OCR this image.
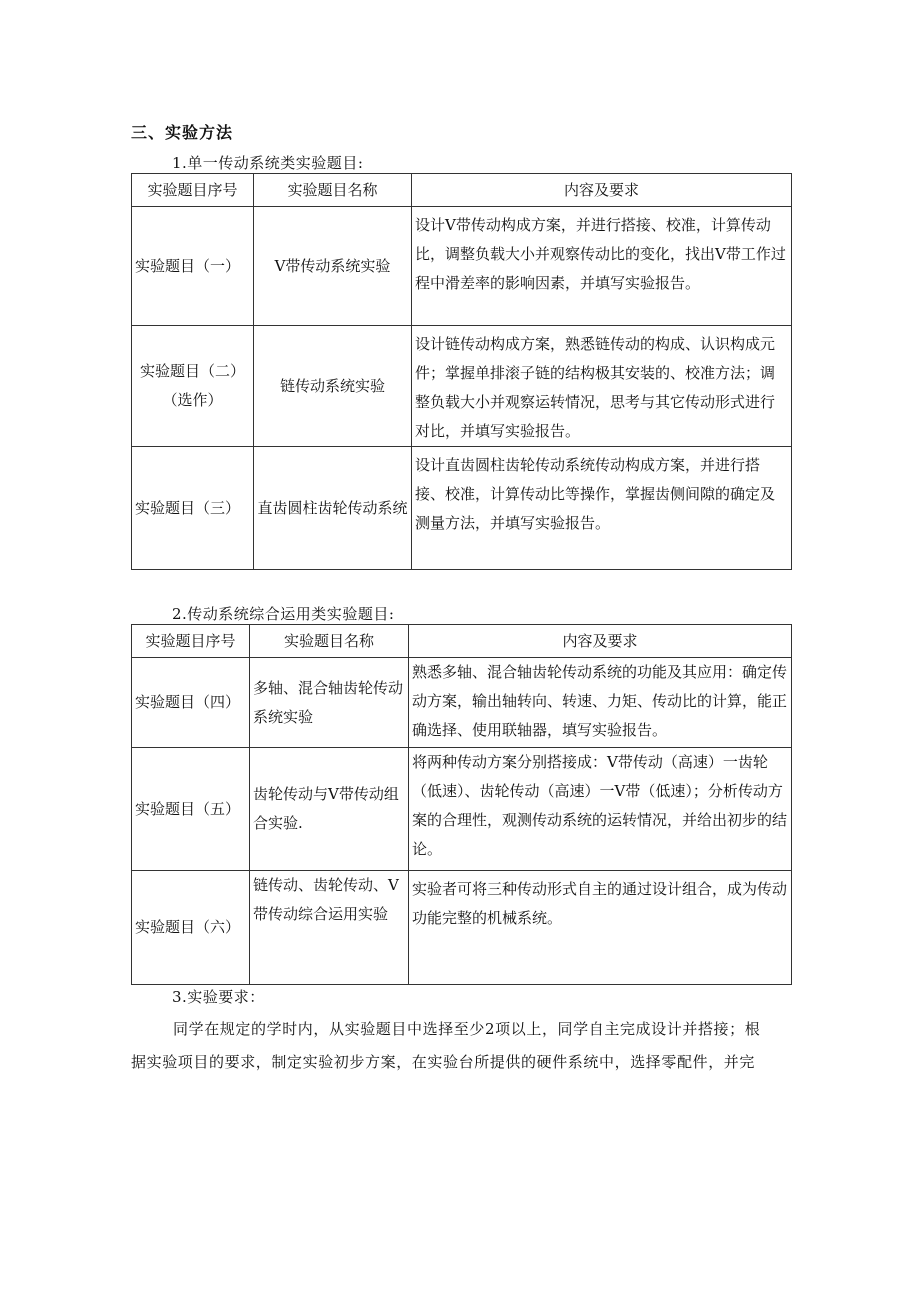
三、实验方法
1.单一传动系统类实验题目:
实验题目序号	实验题目名称	内容及要求
实验题目（一）	V带传动系统实验	设计V带传动构成方案，并进行搭接、校准，计算传动比，调整负载大小并观察传动比的变化，找出V带工作过程中滑差率的影响因素，并填写实验报告。

实验题目（二）
（选作）	链传动系统实验	设计链传动构成方案，熟悉链传动的构成、认识构成元件；掌握单排滚子链的结构极其安装的、校准方法；调整负载大小并观察运转情况，思考与其它传动形式进行对比，并填写实验报告。
实验题目（三）	直齿圆柱齿轮传动系统	设计直齿圆柱齿轮传动系统传动构成方案，并进行搭接、校准，计算传动比等操作，掌握齿侧间隙的确定及测量方法，并填写实验报告。
2.传动系统综合运用类实验题目:
实验题目序号	实验题目名称	内容及要求
实验题目（四）	多轴、混合轴齿轮传动系统实验	熟悉多轴、混合轴齿轮传动系统的功能及其应用：确定传动方案，输出轴转向、转速、力矩、传动比的计算，能正确选择、使用联轴器，填写实验报告。
实验题目（五）	齿轮传动与V带传动组合实验.	将两种传动方案分别搭接成：V带传动（高速）一齿轮（低速）、齿轮传动（高速）一V带（低速）；分析传动方案的合理性，观测传动系统的运转情况，并给出初步的结论。
实验题目（六）	链传动、齿轮传动、V带传动综合运用实验	实验者可将三种传动形式自主的通过设计组合，成为传动功能完整的机械系统。
3.实验要求：
同学在规定的学时内，从实验题目中选择至少2项以上，同学自主完成设计并搭接；根据实验项目的要求，制定实验初步方案，在实验台所提供的硬件系统中，选择零配件，并完
